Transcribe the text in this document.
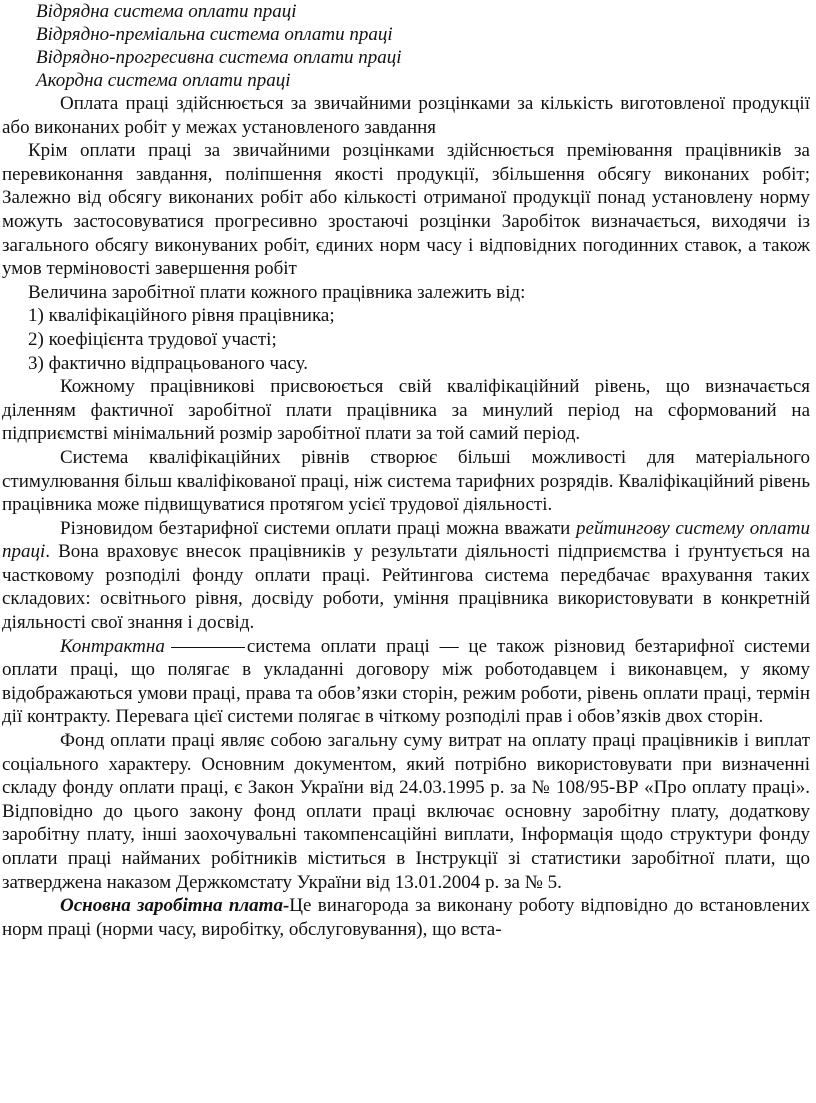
Відрядна система оплати праці
Відрядно-преміальна система оплати праці
Відрядно-прогресивна система оплати праці
Акордна система оплати праці

Оплата праці здійснюється за звичайними розцінками за кількість виготовленої продукції або виконаних робіт у межах установленого завдання

Крім оплати праці за звичайними розцінками здійснюється преміювання працівників за перевиконання завдання, поліпшення якості продукції, збільшення обсягу виконаних робіт; Залежно від обсягу виконаних робіт або кількості отриманої продукції понад установлену норму можуть застосовуватися прогресивно зростаючі розцінки Заробіток визначається, виходячи із загального обсягу виконуваних робіт, єдиних норм часу і відповідних погодинних ставок, а також умов терміновості завершення робіт

Величина заробітної плати кожного працівника залежить від:
1) кваліфікаційного рівня працівника;
2) коефіцієнта трудової участі;
3) фактично відпрацьованого часу.

Кожному працівникові присвоюється свій кваліфікаційний рівень, що визначається діленням фактичної заробітної плати працівника за минулий період на сформований на підприємстві мінімальний розмір заробітної плати за той самий період.

Система кваліфікаційних рівнів створює більші можливості для матеріального стимулювання більш кваліфікованої праці, ніж система тарифних розрядів. Кваліфікаційний рівень працівника може підвищуватися протягом усієї трудової діяльності.

Різновидом безтарифної системи оплати праці можна вважати рейтингову систему оплати праці. Вона враховує внесок працівників у результати діяльності підприємства і ґрунтується на частковому розподілі фонду оплати праці. Рейтингова система передбачає врахування таких складових: освітнього рівня, досвіду роботи, уміння працівника використовувати в конкретній діяльності свої знання і досвід.

Контрактна	система оплати праці — це також різновид безтарифної системи оплати праці, що полягає в укладанні договору між роботодавцем і виконавцем, у якому відображаються умови праці, права та обов’язки сторін, режим роботи, рівень оплати праці, термін дії контракту. Перевага цієї системи полягає в чіткому розподілі прав і обов’язків двох сторін.

Фонд оплати праці являє собою загальну суму витрат на оплату праці працівників і виплат соціального характеру. Основним документом, який потрібно використовувати при визначенні складу фонду оплати праці, є Закон України від 24.03.1995 р. за № 108/95-ВР «Про оплату праці». Відповідно до цього закону фонд оплати праці включає основну заробітну плату, додаткову заробітну плату, інші заохочувальні такомпенсаційні виплати, Інформація щодо структури фонду оплати праці найманих робітників міститься в Інструкції зі статистики заробітної плати, що затверджена наказом Держкомстату України від 13.01.2004 р. за № 5.

Основна заробітна плата-Це винагорода за виконану роботу відповідно до встановлених норм праці (норми часу, виробітку, обслуговування), що вста-
